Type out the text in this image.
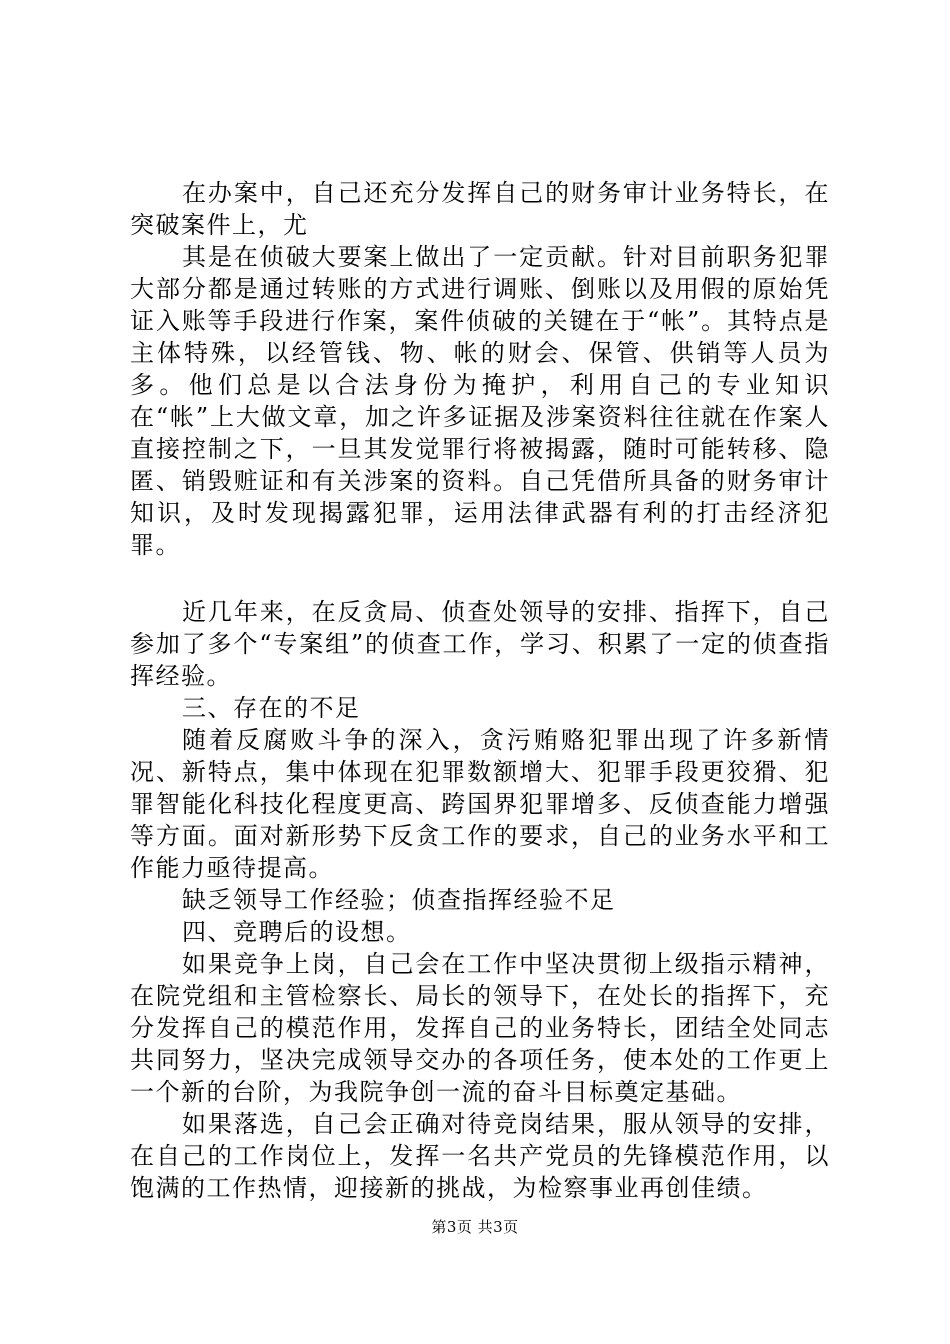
在办案中，自己还充分发挥自己的财务审计业务特长，在突破案件上，尤

其是在侦破大要案上做出了一定贡献。针对目前职务犯罪大部分都是通过转账的方式进行调账、倒账以及用假的原始凭证入账等手段进行作案，案件侦破的关键在于“帐”。其特点是主体特殊，以经管钱、物、帐的财会、保管、供销等人员为多。他们总是以合法身份为掩护，利用自己的专业知识在“帐”上大做文章，加之许多证据及涉案资料往往就在作案人直接控制之下，一旦其发觉罪行将被揭露，随时可能转移、隐匿、销毁赃证和有关涉案的资料。自己凭借所具备的财务审计知识，及时发现揭露犯罪，运用法律武器有利的打击经济犯罪。

近几年来，在反贪局、侦查处领导的安排、指挥下，自己参加了多个“专案组”的侦查工作，学习、积累了一定的侦查指挥经验。

三、存在的不足

随着反腐败斗争的深入，贪污贿赂犯罪出现了许多新情况、新特点，集中体现在犯罪数额增大、犯罪手段更狡猾、犯罪智能化科技化程度更高、跨国界犯罪增多、反侦查能力增强等方面。面对新形势下反贪工作的要求，自己的业务水平和工作能力亟待提高。

缺乏领导工作经验；侦查指挥经验不足

四、竞聘后的设想。

如果竞争上岗，自己会在工作中坚决贯彻上级指示精神，在院党组和主管检察长、局长的领导下，在处长的指挥下，充分发挥自己的模范作用，发挥自己的业务特长，团结全处同志共同努力，坚决完成领导交办的各项任务，使本处的工作更上一个新的台阶，为我院争创一流的奋斗目标奠定基础。

如果落选，自己会正确对待竞岗结果，服从领导的安排，在自己的工作岗位上，发挥一名共产党员的先锋模范作用，以饱满的工作热情，迎接新的挑战，为检察事业再创佳绩。

第3页 共3页
